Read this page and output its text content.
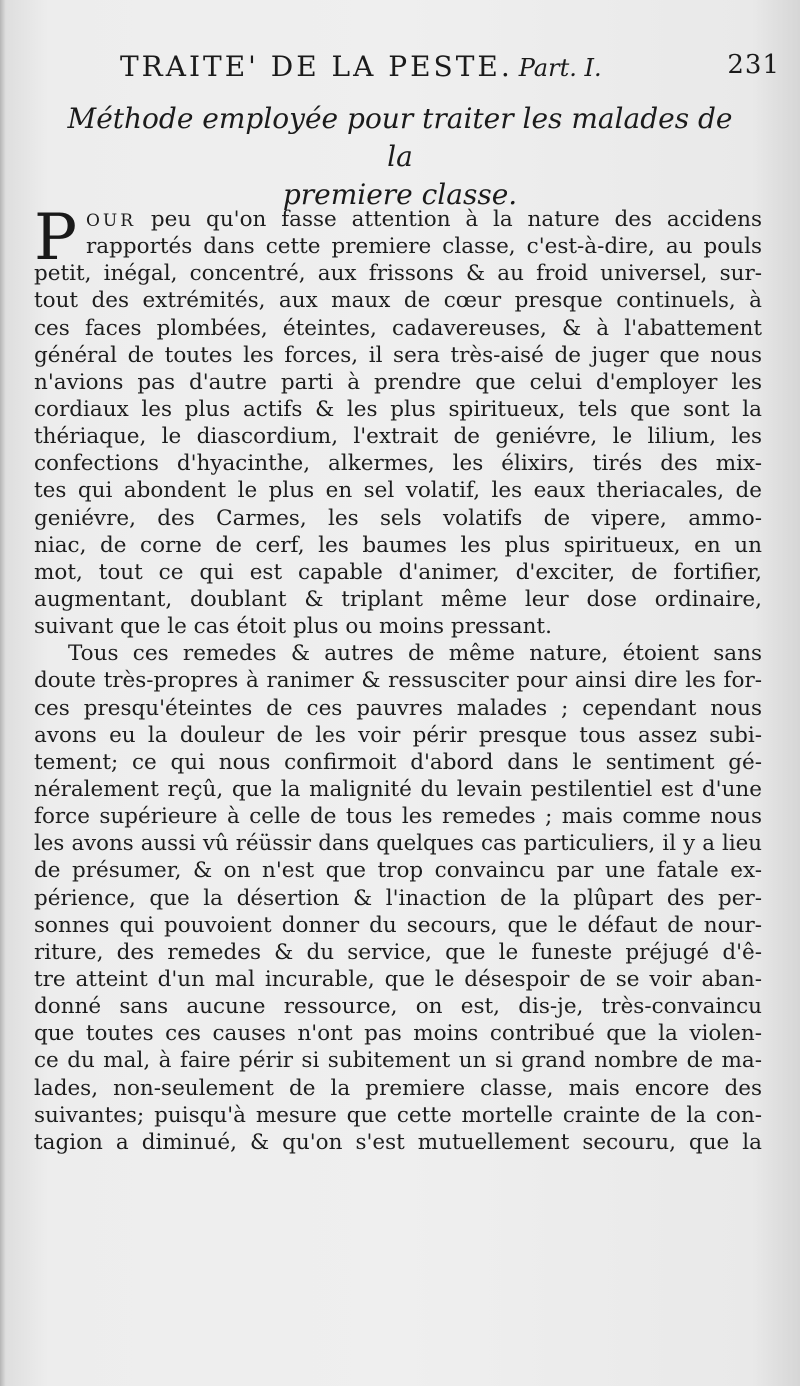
TRAITE' DE LA PESTE. Part. I.	231
Méthode employée pour traiter les malades de la
premiere classe.
P OUR peu qu'on fasse attention à la nature des accidens
rapportés dans cette premiere classe, c'est-à-dire, au pouls
petit, inégal, concentré, aux frissons & au froid universel, sur-
tout des extrémités, aux maux de cœur presque continuels, à
ces faces plombées, éteintes, cadavereuses, & à l'abattement
général de toutes les forces, il sera très-aisé de juger que nous
n'avions pas d'autre parti à prendre que celui d'employer les
cordiaux les plus actifs & les plus spiritueux, tels que sont la
thériaque, le diascordium, l'extrait de geniévre, le lilium, les
confections d'hyacinthe, alkermes, les élixirs, tirés des mix-
tes qui abondent le plus en sel volatif, les eaux theriacales, de
geniévre, des Carmes, les sels volatifs de vipere, ammo-
niac, de corne de cerf, les baumes les plus spiritueux, en un
mot, tout ce qui est capable d'animer, d'exciter, de fortifier,
augmentant, doublant & triplant même leur dose ordinaire,
suivant que le cas étoit plus ou moins pressant.
Tous ces remedes & autres de même nature, étoient sans
doute très-propres à ranimer & ressusciter pour ainsi dire les for-
ces presqu'éteintes de ces pauvres malades ; cependant nous
avons eu la douleur de les voir périr presque tous assez subi-
tement; ce qui nous confirmoit d'abord dans le sentiment gé-
néralement reçû, que la malignité du levain pestilentiel est d'une
force supérieure à celle de tous les remedes ; mais comme nous
les avons aussi vû réüssir dans quelques cas particuliers, il y a lieu
de présumer, & on n'est que trop convaincu par une fatale ex-
périence, que la désertion & l'inaction de la plûpart des per-
sonnes qui pouvoient donner du secours, que le défaut de nour-
riture, des remedes & du service, que le funeste préjugé d'ê-
tre atteint d'un mal incurable, que le désespoir de se voir aban-
donné sans aucune ressource, on est, dis-je, très-convaincu
que toutes ces causes n'ont pas moins contribué que la violen-
ce du mal, à faire périr si subitement un si grand nombre de ma-
lades, non-seulement de la premiere classe, mais encore des
suivantes; puisqu'à mesure que cette mortelle crainte de la con-
tagion a diminué, & qu'on s'est mutuellement secouru, que la
